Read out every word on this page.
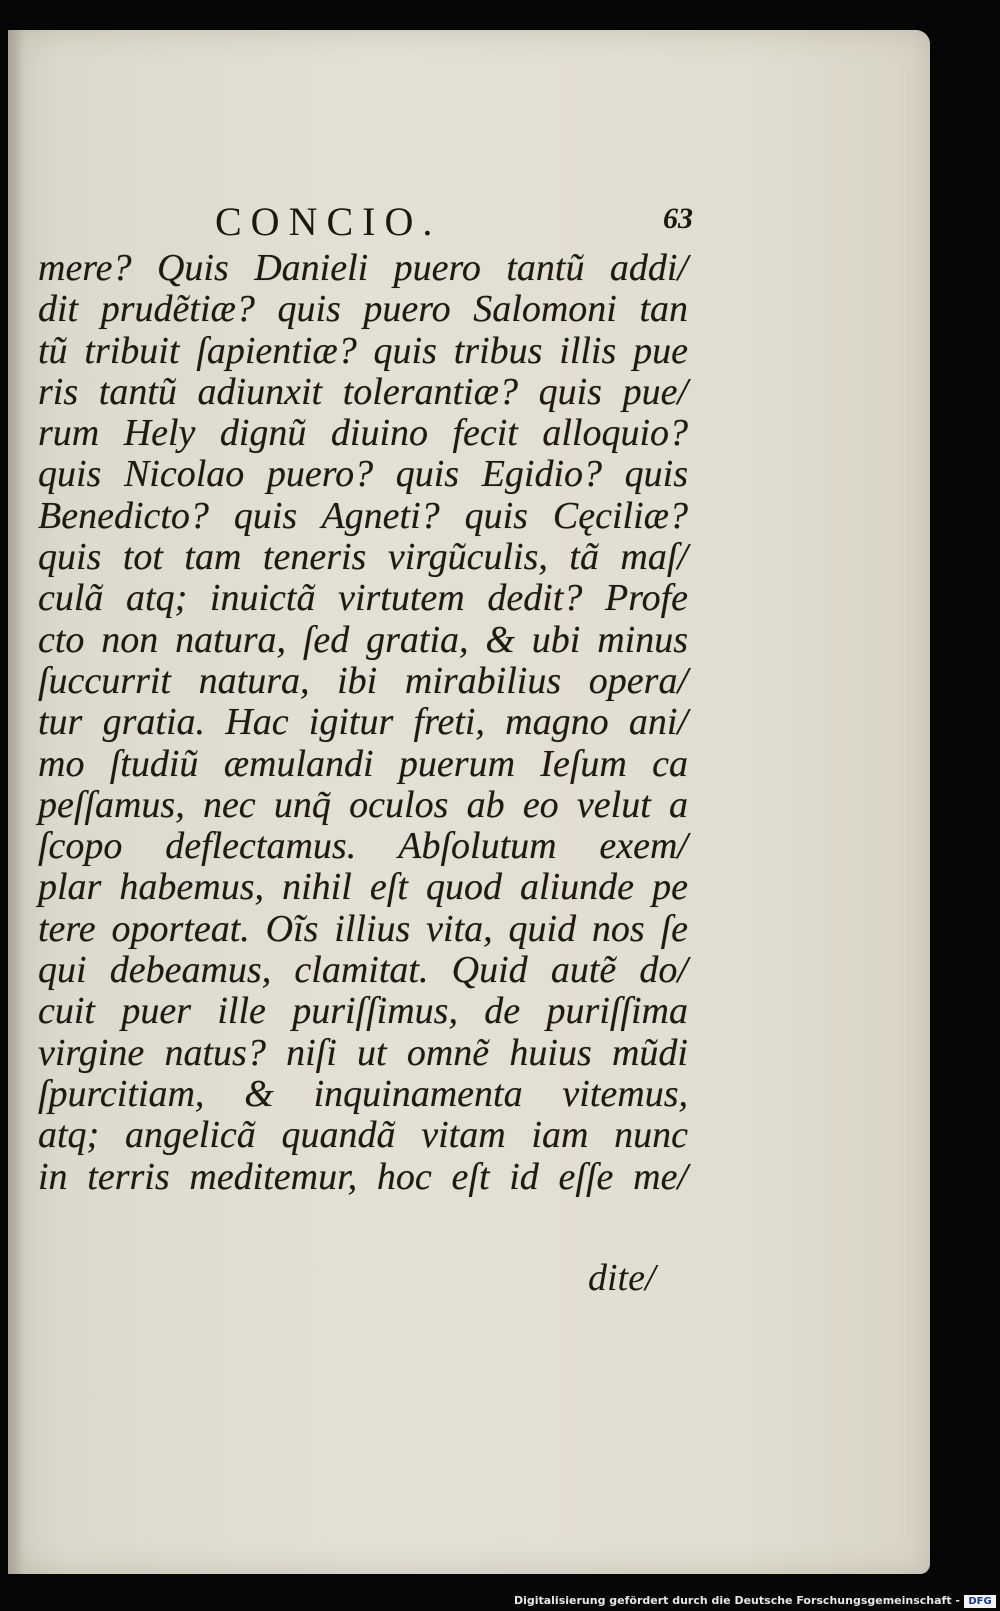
CONCIO.	63
mere? Quis Danieli puero tantũ addi/
dit prudẽtiæ? quis puero Salomoni tan
tũ tribuit ſapientiæ? quis tribus illis pue
ris tantũ adiunxit tolerantiæ? quis pue/
rum Hely dignũ diuino fecit alloquio?
quis Nicolao puero? quis Egidio? quis
Benedicto? quis Agneti? quis Cęciliæ?
quis tot tam teneris virgũculis, tã maſ/
culã atq; inuictã virtutem dedit? Profe
cto non natura, ſed gratia, & ubi minus
ſuccurrit natura, ibi mirabilius opera/
tur gratia. Hac igitur freti, magno ani/
mo ſtudiũ æmulandi puerum Ieſum ca
peſſamus, nec unq̃ oculos ab eo velut a
ſcopo deflectamus. Abſolutum exem/
plar habemus, nihil eſt quod aliunde pe
tere oporteat. Oĩs illius vita, quid nos ſe
qui debeamus, clamitat. Quid autẽ do/
cuit puer ille puriſſimus, de puriſſima
virgine natus? niſi ut omnẽ huius mũdi
ſpurcitiam, & inquinamenta vitemus,
atq; angelicã quandã vitam iam nunc
in terris meditemur, hoc eſt id eſſe me/
dite/
Digitalisierung gefördert durch die Deutsche Forschungsgemeinschaft - DFG
